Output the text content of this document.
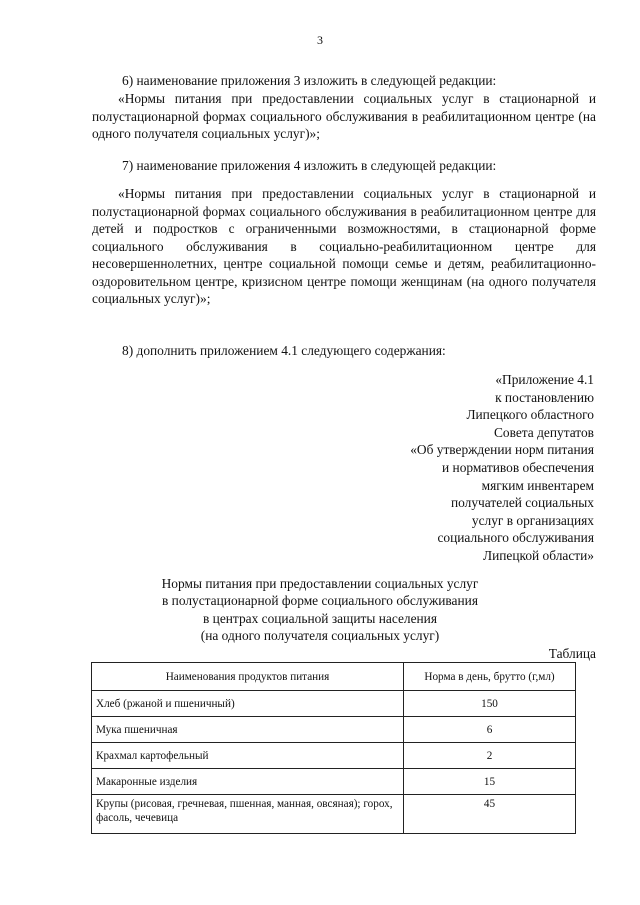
3
6) наименование приложения 3 изложить в следующей редакции:
«Нормы питания при предоставлении социальных услуг в стационарной и полустационарной формах социального обслуживания в реабилитационном центре (на одного получателя социальных услуг)»;
7) наименование приложения 4 изложить в следующей редакции:
«Нормы питания при предоставлении социальных услуг в стационарной и полустационарной формах социального обслуживания в реабилитационном центре для детей и подростков с ограниченными возможностями, в стационарной форме социального обслуживания в социально-реабилитационном центре для несовершеннолетних, центре социальной помощи семье и детям, реабилитационно-оздоровительном центре, кризисном центре помощи женщинам (на одного получателя социальных услуг)»;
8) дополнить приложением 4.1 следующего содержания:
«Приложение 4.1
к постановлению
Липецкого областного
Совета депутатов
«Об утверждении норм питания
и нормативов обеспечения
мягким инвентарем
получателей социальных
услуг в организациях
социального обслуживания
Липецкой области»
Нормы питания при предоставлении социальных услуг
в полустационарной форме социального обслуживания
в центрах социальной защиты населения
(на одного получателя социальных услуг)
Таблица
Наименования продуктов питания	Норма в день, брутто (г,мл)
Хлеб (ржаной и пшеничный)	150
Мука пшеничная	6
Крахмал картофельный	2
Макаронные изделия	15
Крупы (рисовая, гречневая, пшенная, манная, овсяная); горох, фасоль, чечевица	45
